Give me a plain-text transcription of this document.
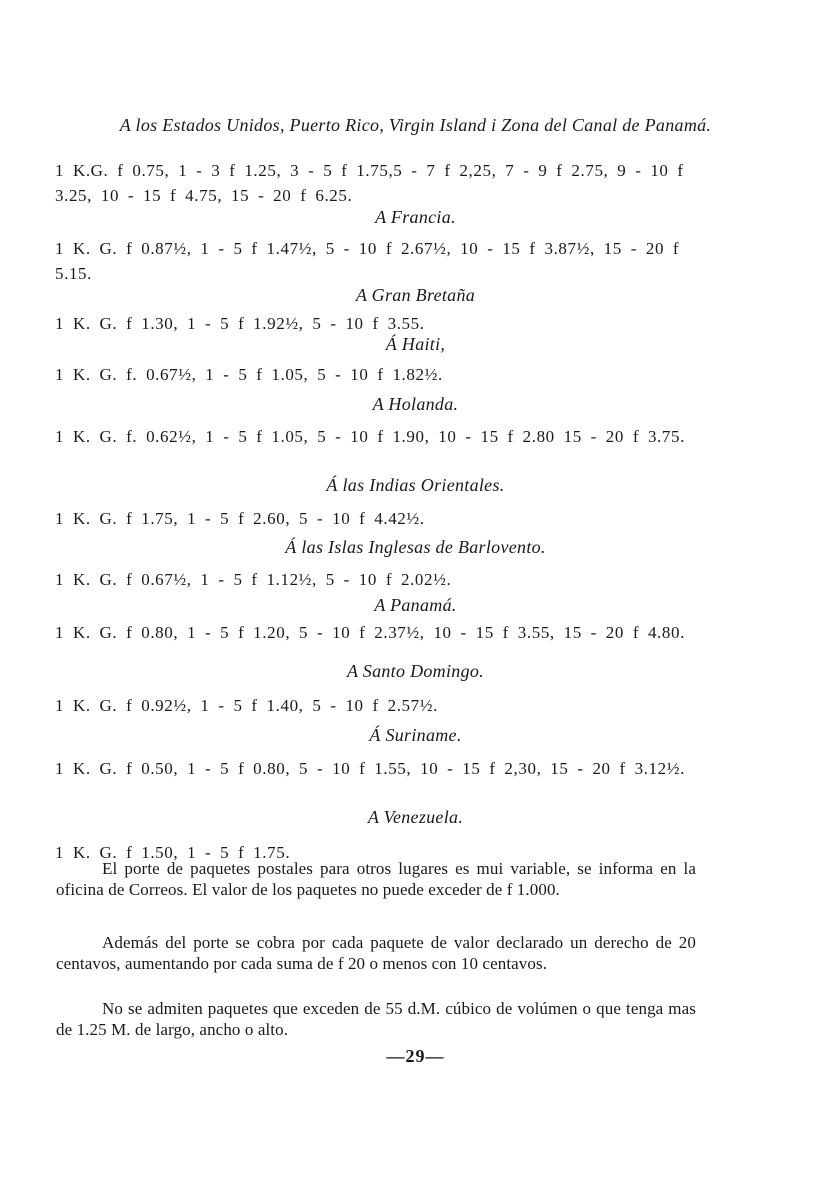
A los Estados Unidos, Puerto Rico, Virgin Island i Zona del Canal de Panamá.
1 K.G. f 0.75, 1 - 3 f 1.25, 3 - 5 f 1.75,5 - 7 f 2,25, 7 - 9 f 2.75, 9 - 10 f 3.25, 10 - 15 f 4.75, 15 - 20 f 6.25.
A Francia.
1 K. G. f 0.87½, 1 - 5 f 1.47½, 5 - 10 f 2.67½, 10 - 15 f 3.87½, 15 - 20 f 5.15.
A Gran Bretaña
1 K. G. f 1.30, 1 - 5 f 1.92½, 5 - 10 f 3.55.
Á Haiti,
1 K. G. f. 0.67½, 1 - 5 f 1.05, 5 - 10 f 1.82½.
A Holanda.
1 K. G. f. 0.62½, 1 - 5 f 1.05, 5 - 10 f 1.90, 10 - 15 f 2.80 15 - 20 f 3.75.
Á las Indias Orientales.
1 K. G. f 1.75, 1 - 5 f 2.60, 5 - 10 f 4.42½.
Á las Islas Inglesas de Barlovento.
1 K. G. f 0.67½, 1 - 5 f 1.12½, 5 - 10 f 2.02½.
A Panamá.
1 K. G. f 0.80, 1 - 5 f 1.20, 5 - 10 f 2.37½, 10 - 15 f 3.55, 15 - 20 f 4.80.
A Santo Domingo.
1 K. G. f 0.92½, 1 - 5 f 1.40, 5 - 10 f 2.57½.
Á Suriname.
1 K. G. f 0.50, 1 - 5 f 0.80, 5 - 10 f 1.55, 10 - 15 f 2,30, 15 - 20 f 3.12½.
A Venezuela.
1 K. G. f 1.50, 1 - 5 f 1.75.

El porte de paquetes postales para otros lugares es mui variable, se informa en la oficina de Correos. El valor de los paquetes no puede exceder de f 1.000.

Además del porte se cobra por cada paquete de valor declarado un derecho de 20 centavos, aumentando por cada suma de f 20 o menos con 10 centavos.

No se admiten paquetes que exceden de 55 d.M. cúbico de volúmen o que tenga mas de 1.25 M. de largo, ancho o alto.

—29—
